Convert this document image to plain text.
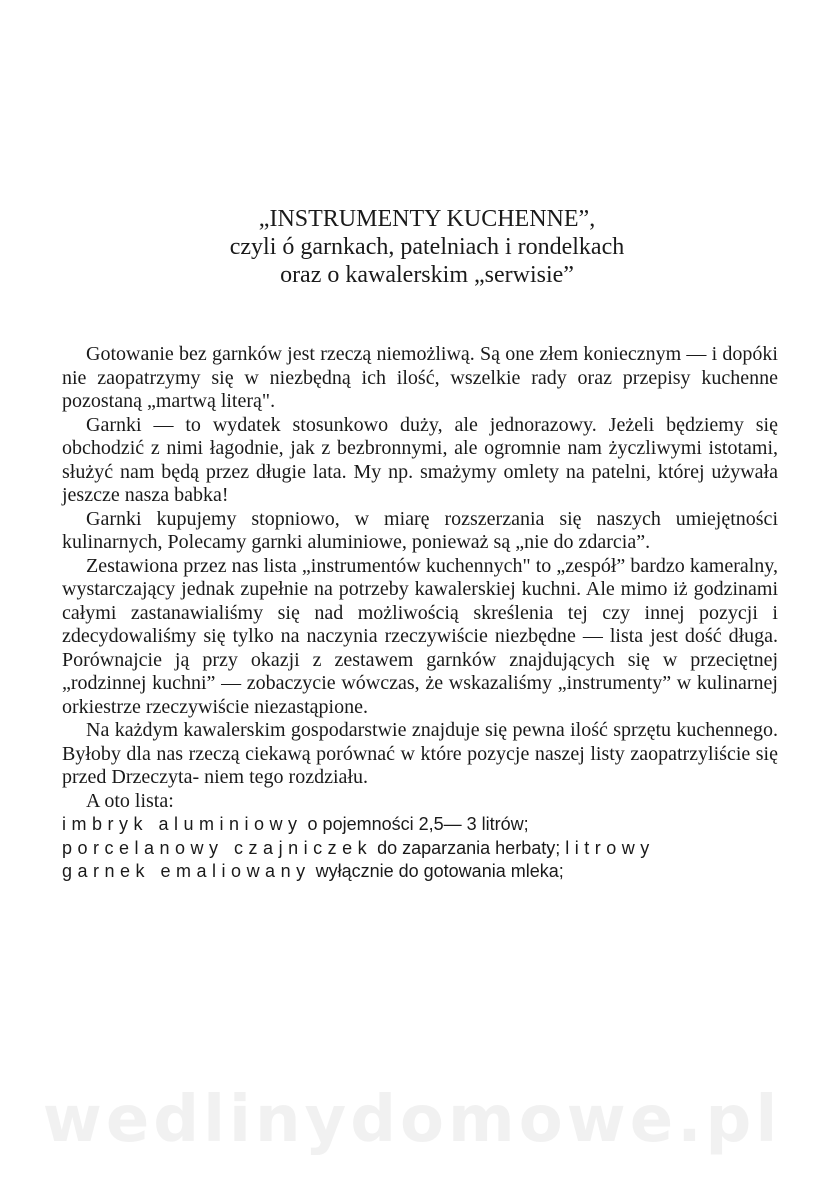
„INSTRUMENTY KUCHENNE”,
czyli ó garnkach, patelniach i rondelkach
oraz o kawalerskim „serwisie”

Gotowanie bez garnków jest rzeczą niemożliwą. Są one złem koniecznym — i dopóki nie zaopatrzymy się w niezbędną ich ilość, wszelkie rady oraz przepisy kuchenne pozostaną „martwą literą".

Garnki — to wydatek stosunkowo duży, ale jednorazowy. Jeżeli będziemy się obchodzić z nimi łagodnie, jak z bezbronnymi, ale ogromnie nam życzliwymi istotami, służyć nam będą przez długie lata. My np. smażymy omlety na patelni, której używała jeszcze nasza babka!

Garnki kupujemy stopniowo, w miarę rozszerzania się naszych umiejętności kulinarnych, Polecamy garnki aluminiowe, ponieważ są „nie do zdarcia”.

Zestawiona przez nas lista „instrumentów kuchennych" to „zespół” bardzo kameralny, wystarczający jednak zupełnie na potrzeby kawalerskiej kuchni. Ale mimo iż godzinami całymi zastanawialiśmy się nad możliwością skreślenia tej czy innej pozycji i zdecydowaliśmy się tylko na naczynia rzeczywiście niezbędne — lista jest dość długa. Porównajcie ją przy okazji z zestawem garnków znajdujących się w przeciętnej „rodzinnej kuchni” — zobaczycie wówczas, że wskazaliśmy „instrumenty” w kulinarnej orkiestrze rzeczywiście niezastąpione.

Na każdym kawalerskim gospodarstwie znajduje się pewna ilość sprzętu kuchennego. Byłoby dla nas rzeczą ciekawą porównać w które pozycje naszej listy zaopatrzyliście się przed Drzeczyta- niem tego rozdziału.

A oto lista:

imbryk aluminiowy o pojemności 2,5— 3 litrów;

porcelanowy czajniczek do zaparzania herbaty; litrowy

garnek emaliowany wyłącznie do gotowania mleka;

wedlinydomowe.pl
